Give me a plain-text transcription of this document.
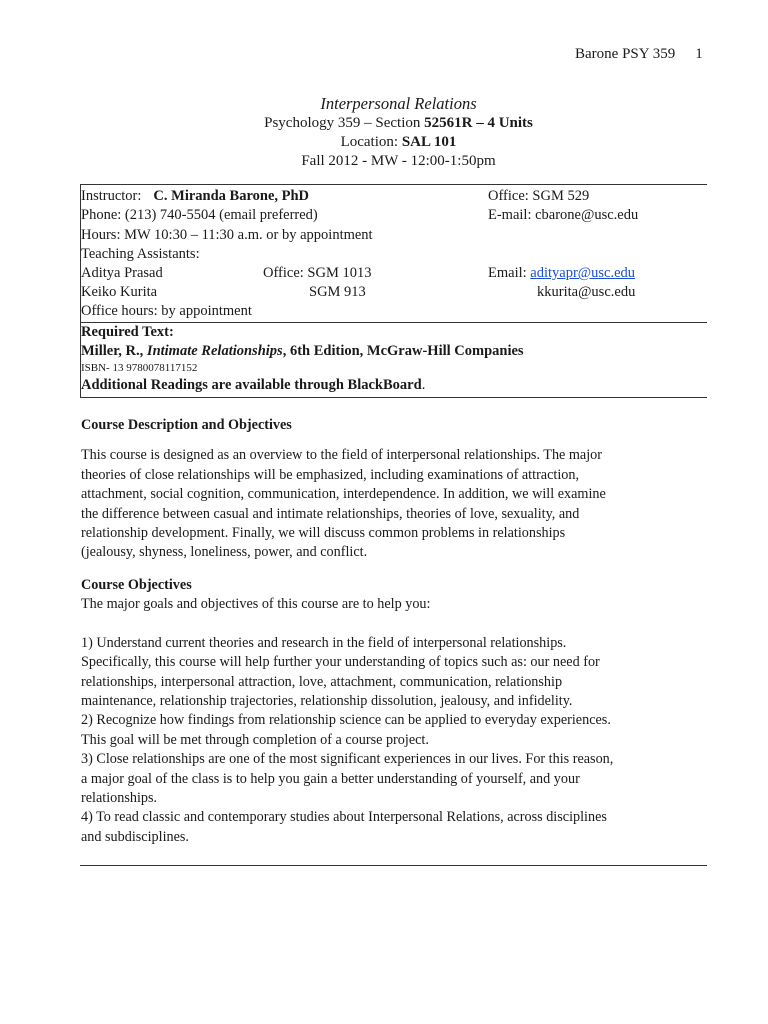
Barone PSY 359 1
Interpersonal Relations
Psychology 359 – Section 52561R – 4 Units
Location: SAL 101
Fall 2012 - MW - 12:00-1:50pm
Instructor: C. Miranda Barone, PhD	Office: SGM 529
Phone: (213) 740-5504 (email preferred)	E-mail: cbarone@usc.edu
Hours: MW 10:30 – 11:30 a.m. or by appointment
Teaching Assistants:
Aditya Prasad	Office: SGM 1013	Email: adityapr@usc.edu
Keiko Kurita	SGM 913	kkurita@usc.edu
Office hours: by appointment
Required Text:
Miller, R., Intimate Relationships, 6th Edition, McGraw-Hill Companies
ISBN- 13 9780078117152
Additional Readings are available through BlackBoard.

Course Description and Objectives

This course is designed as an overview to the field of interpersonal relationships. The major

theories of close relationships will be emphasized, including examinations of attraction,

attachment, social cognition, communication, interdependence. In addition, we will examine

the difference between casual and intimate relationships, theories of love, sexuality, and

relationship development. Finally, we will discuss common problems in relationships

(jealousy, shyness, loneliness, power, and conflict.

Course Objectives

The major goals and objectives of this course are to help you:

1) Understand current theories and research in the field of interpersonal relationships.

Specifically, this course will help further your understanding of topics such as: our need for

relationships, interpersonal attraction, love, attachment, communication, relationship

maintenance, relationship trajectories, relationship dissolution, jealousy, and infidelity.

2) Recognize how findings from relationship science can be applied to everyday experiences.

This goal will be met through completion of a course project.

3) Close relationships are one of the most significant experiences in our lives. For this reason,

a major goal of the class is to help you gain a better understanding of yourself, and your

relationships.

4) To read classic and contemporary studies about Interpersonal Relations, across disciplines

and subdisciplines.
